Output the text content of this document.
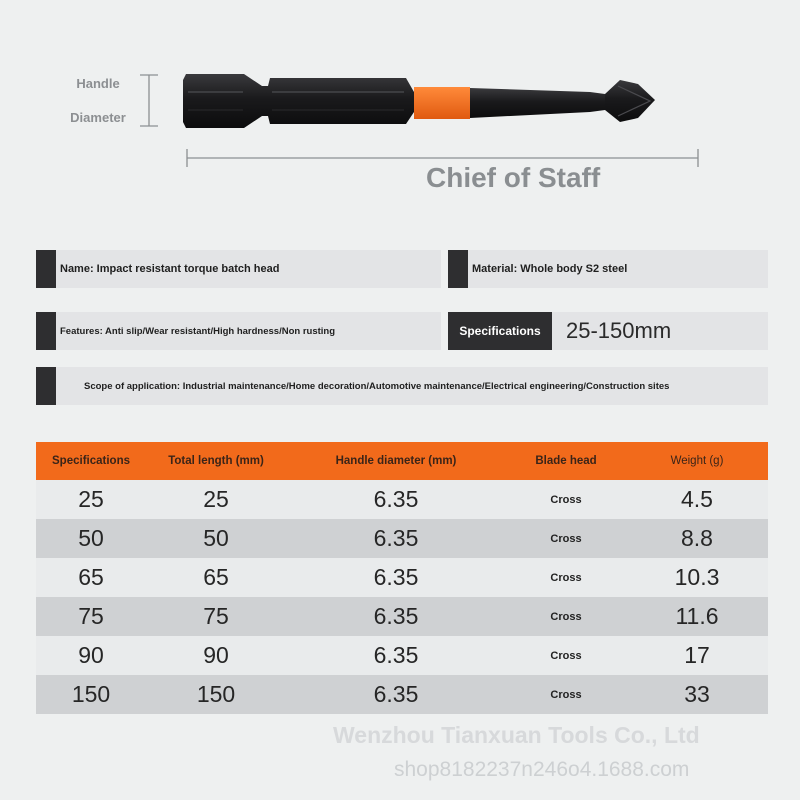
Handle
Diameter
Chief of Staff
Name: Impact resistant torque batch head	Material: Whole body S2 steel
Features: Anti slip/Wear resistant/High hardness/Non rusting	Specifications	25-150mm
Scope of application: Industrial maintenance/Home decoration/Automotive maintenance/Electrical engineering/Construction sites
Specifications	Total length (mm)	Handle diameter (mm)	Blade head	Weight (g)
25	25	6.35	Cross	4.5
50	50	6.35	Cross	8.8
65	65	6.35	Cross	10.3
75	75	6.35	Cross	11.6
90	90	6.35	Cross	17
150	150	6.35	Cross	33
Wenzhou Tianxuan Tools Co., Ltd
shop8182237n246o4.1688.com
